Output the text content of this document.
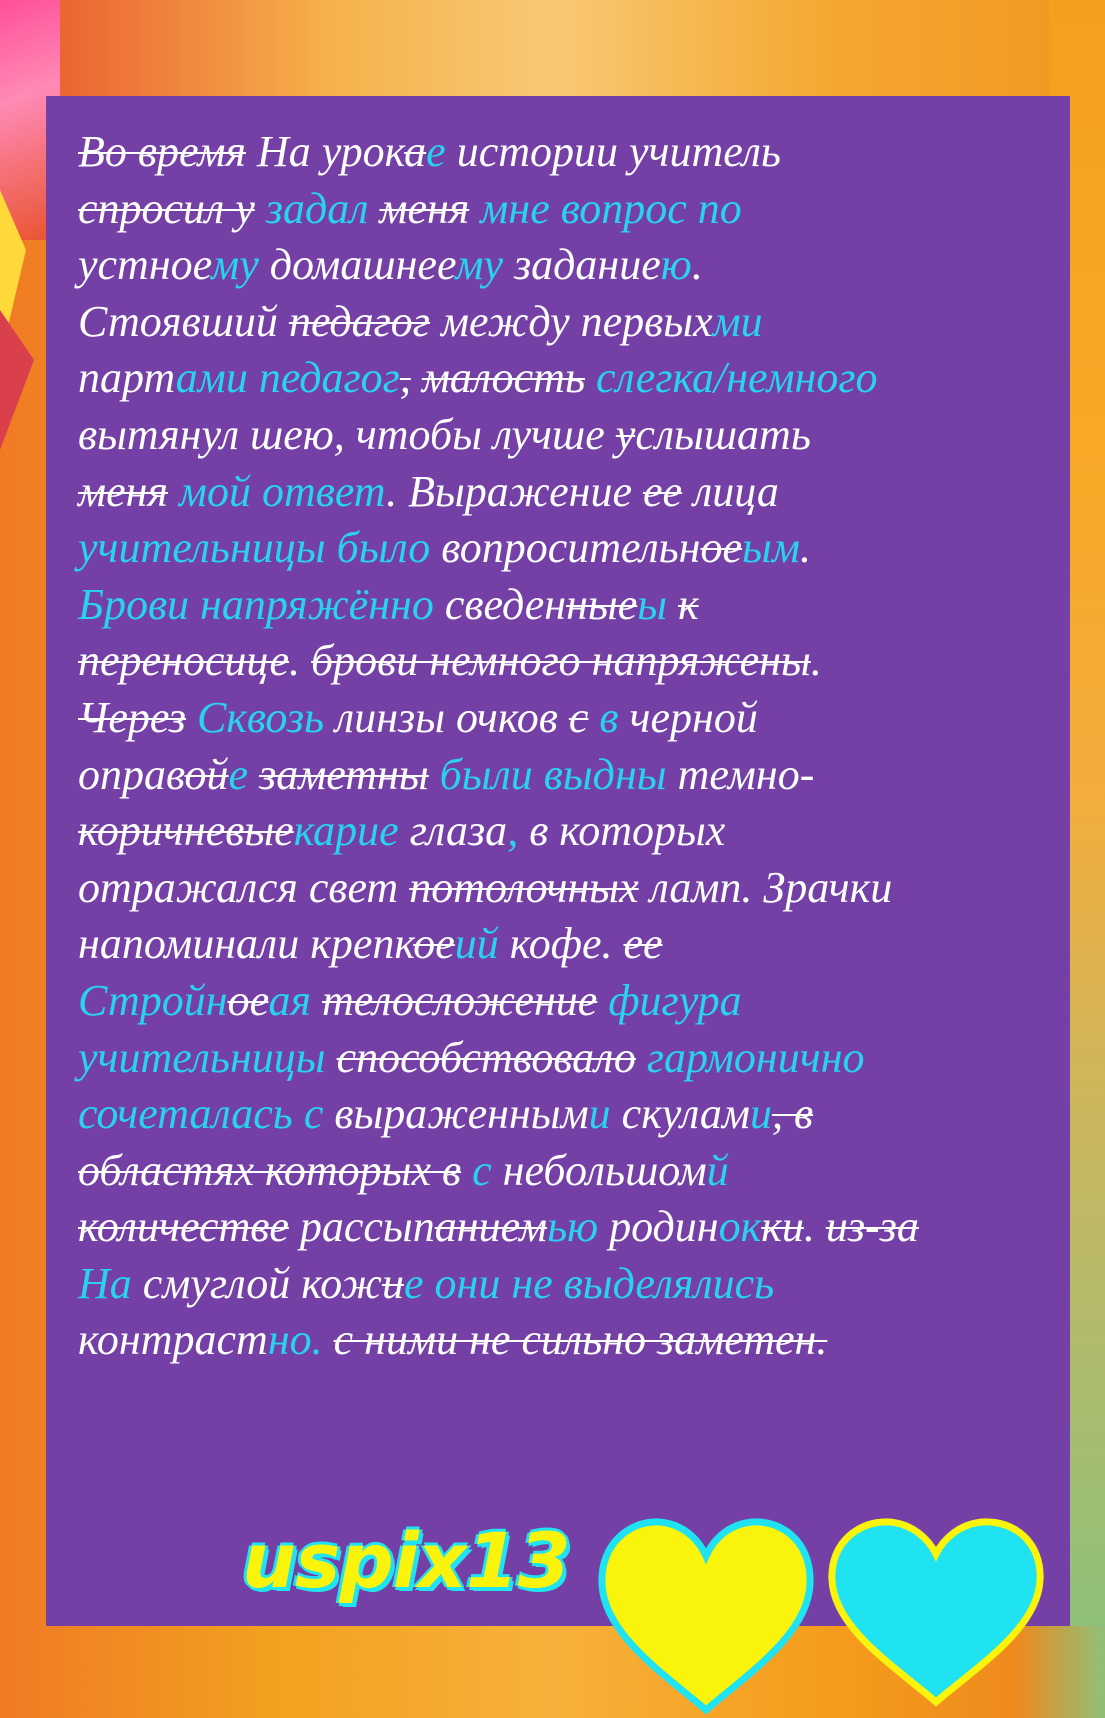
Во время На урокае истории учитель
спросил у задал меня мне вопрос по
устноему домашнеему заданиею.
Стоявший педагог между первыхми
партами педагог, малость слегка/немного
вытянул шею, чтобы лучше услышать
меня мой ответ. Выражение ее лица
учительницы было вопросительноеым.
Брови напряжённо сведенныеы к
переносице. брови немного напряжены.
Через Сквозь линзы очков с в черной
оправойе заметны были выдны темно-
коричневыекарие глаза, в которых
отражался свет потолочных ламп. Зрачки
напоминали крепкоеий кофе. ее
Стройноеая телосложение фигура
учительницы способствовало гармонично
сочеталась с выраженными скулами, в
областях которых в с небольшомй
количестве рассыпаниемью родинокки. из-за
На смуглой кожие они не выделялись
контрастно. с ними не сильно заметен.
uspix13
